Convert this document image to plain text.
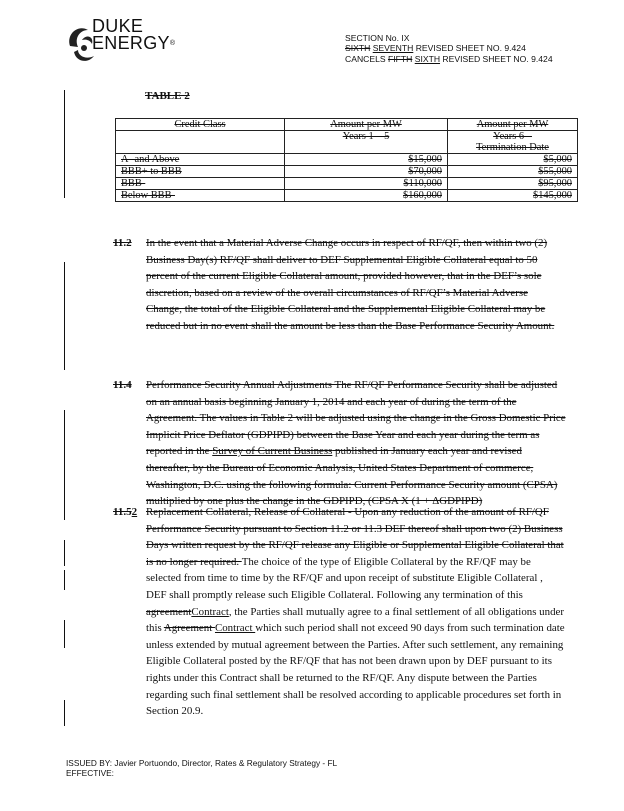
DUKE
ENERGY®
SECTION No. IX
SIXTH SEVENTH REVISED SHEET NO. 9.424
CANCELS FIFTH SIXTH REVISED SHEET NO. 9.424
TABLE 2
Credit Class	Amount per MW	Amount per MW
	Years 1 – 5	Years 6 –
		Termination Date
A- and Above	$15,000	$5,000
BBB+ to BBB	$70,000	$55,000
BBB-	$110,000	$95,000
Below BBB-	$160,000	$145,000
11.2 In the event that a Material Adverse Change occurs in respect of RF/QF, then within two (2) Business Day(s) RF/QF shall deliver to DEF Supplemental Eligible Collateral equal to 50 percent of the current Eligible Collateral amount, provided however, that in the DEF’s sole discretion, based on a review of the overall circumstances of RF/QF’s Material Adverse Change, the total of the Eligible Collateral and the Supplemental Eligible Collateral may be reduced but in no event shall the amount be less than the Base Performance Security Amount.
11.4 Performance Security Annual Adjustments The RF/QF Performance Security shall be adjusted on an annual basis beginning January 1, 2014 and each year of during the term of the Agreement. The values in Table 2 will be adjusted using the change in the Gross Domestic Price Implicit Price Deflator (GDPIPD) between the Base Year and each year during the term as reported in the Survey of Current Business published in January each year and revised thereafter, by the Bureau of Economic Analysis, United States Department of commerce, Washington, D.C. using the following formula: Current Performance Security amount (CPSA) multiplied by one plus the change in the GDPIPD, (CPSA X (1 + ΔGDPIPD)
11.52 Replacement Collateral, Release of Collateral - Upon any reduction of the amount of RF/QF Performance Security pursuant to Section 11.2 or 11.3 DEF thereof shall upon two (2) Business Days written request by the RF/QF release any Eligible or Supplemental Eligible Collateral that is no longer required. The choice of the type of Eligible Collateral by the RF/QF may be selected from time to time by the RF/QF and upon receipt of substitute Eligible Collateral , DEF shall promptly release such Eligible Collateral. Following any termination of this agreementContract, the Parties shall mutually agree to a final settlement of all obligations under this Agreement Contract which such period shall not exceed 90 days from such termination date unless extended by mutual agreement between the Parties. After such settlement, any remaining Eligible Collateral posted by the RF/QF that has not been drawn upon by DEF pursuant to its rights under this Contract shall be returned to the RF/QF. Any dispute between the Parties regarding such final settlement shall be resolved according to applicable procedures set forth in Section 20.9.
ISSUED BY: Javier Portuondo, Director, Rates & Regulatory Strategy - FL
EFFECTIVE:
